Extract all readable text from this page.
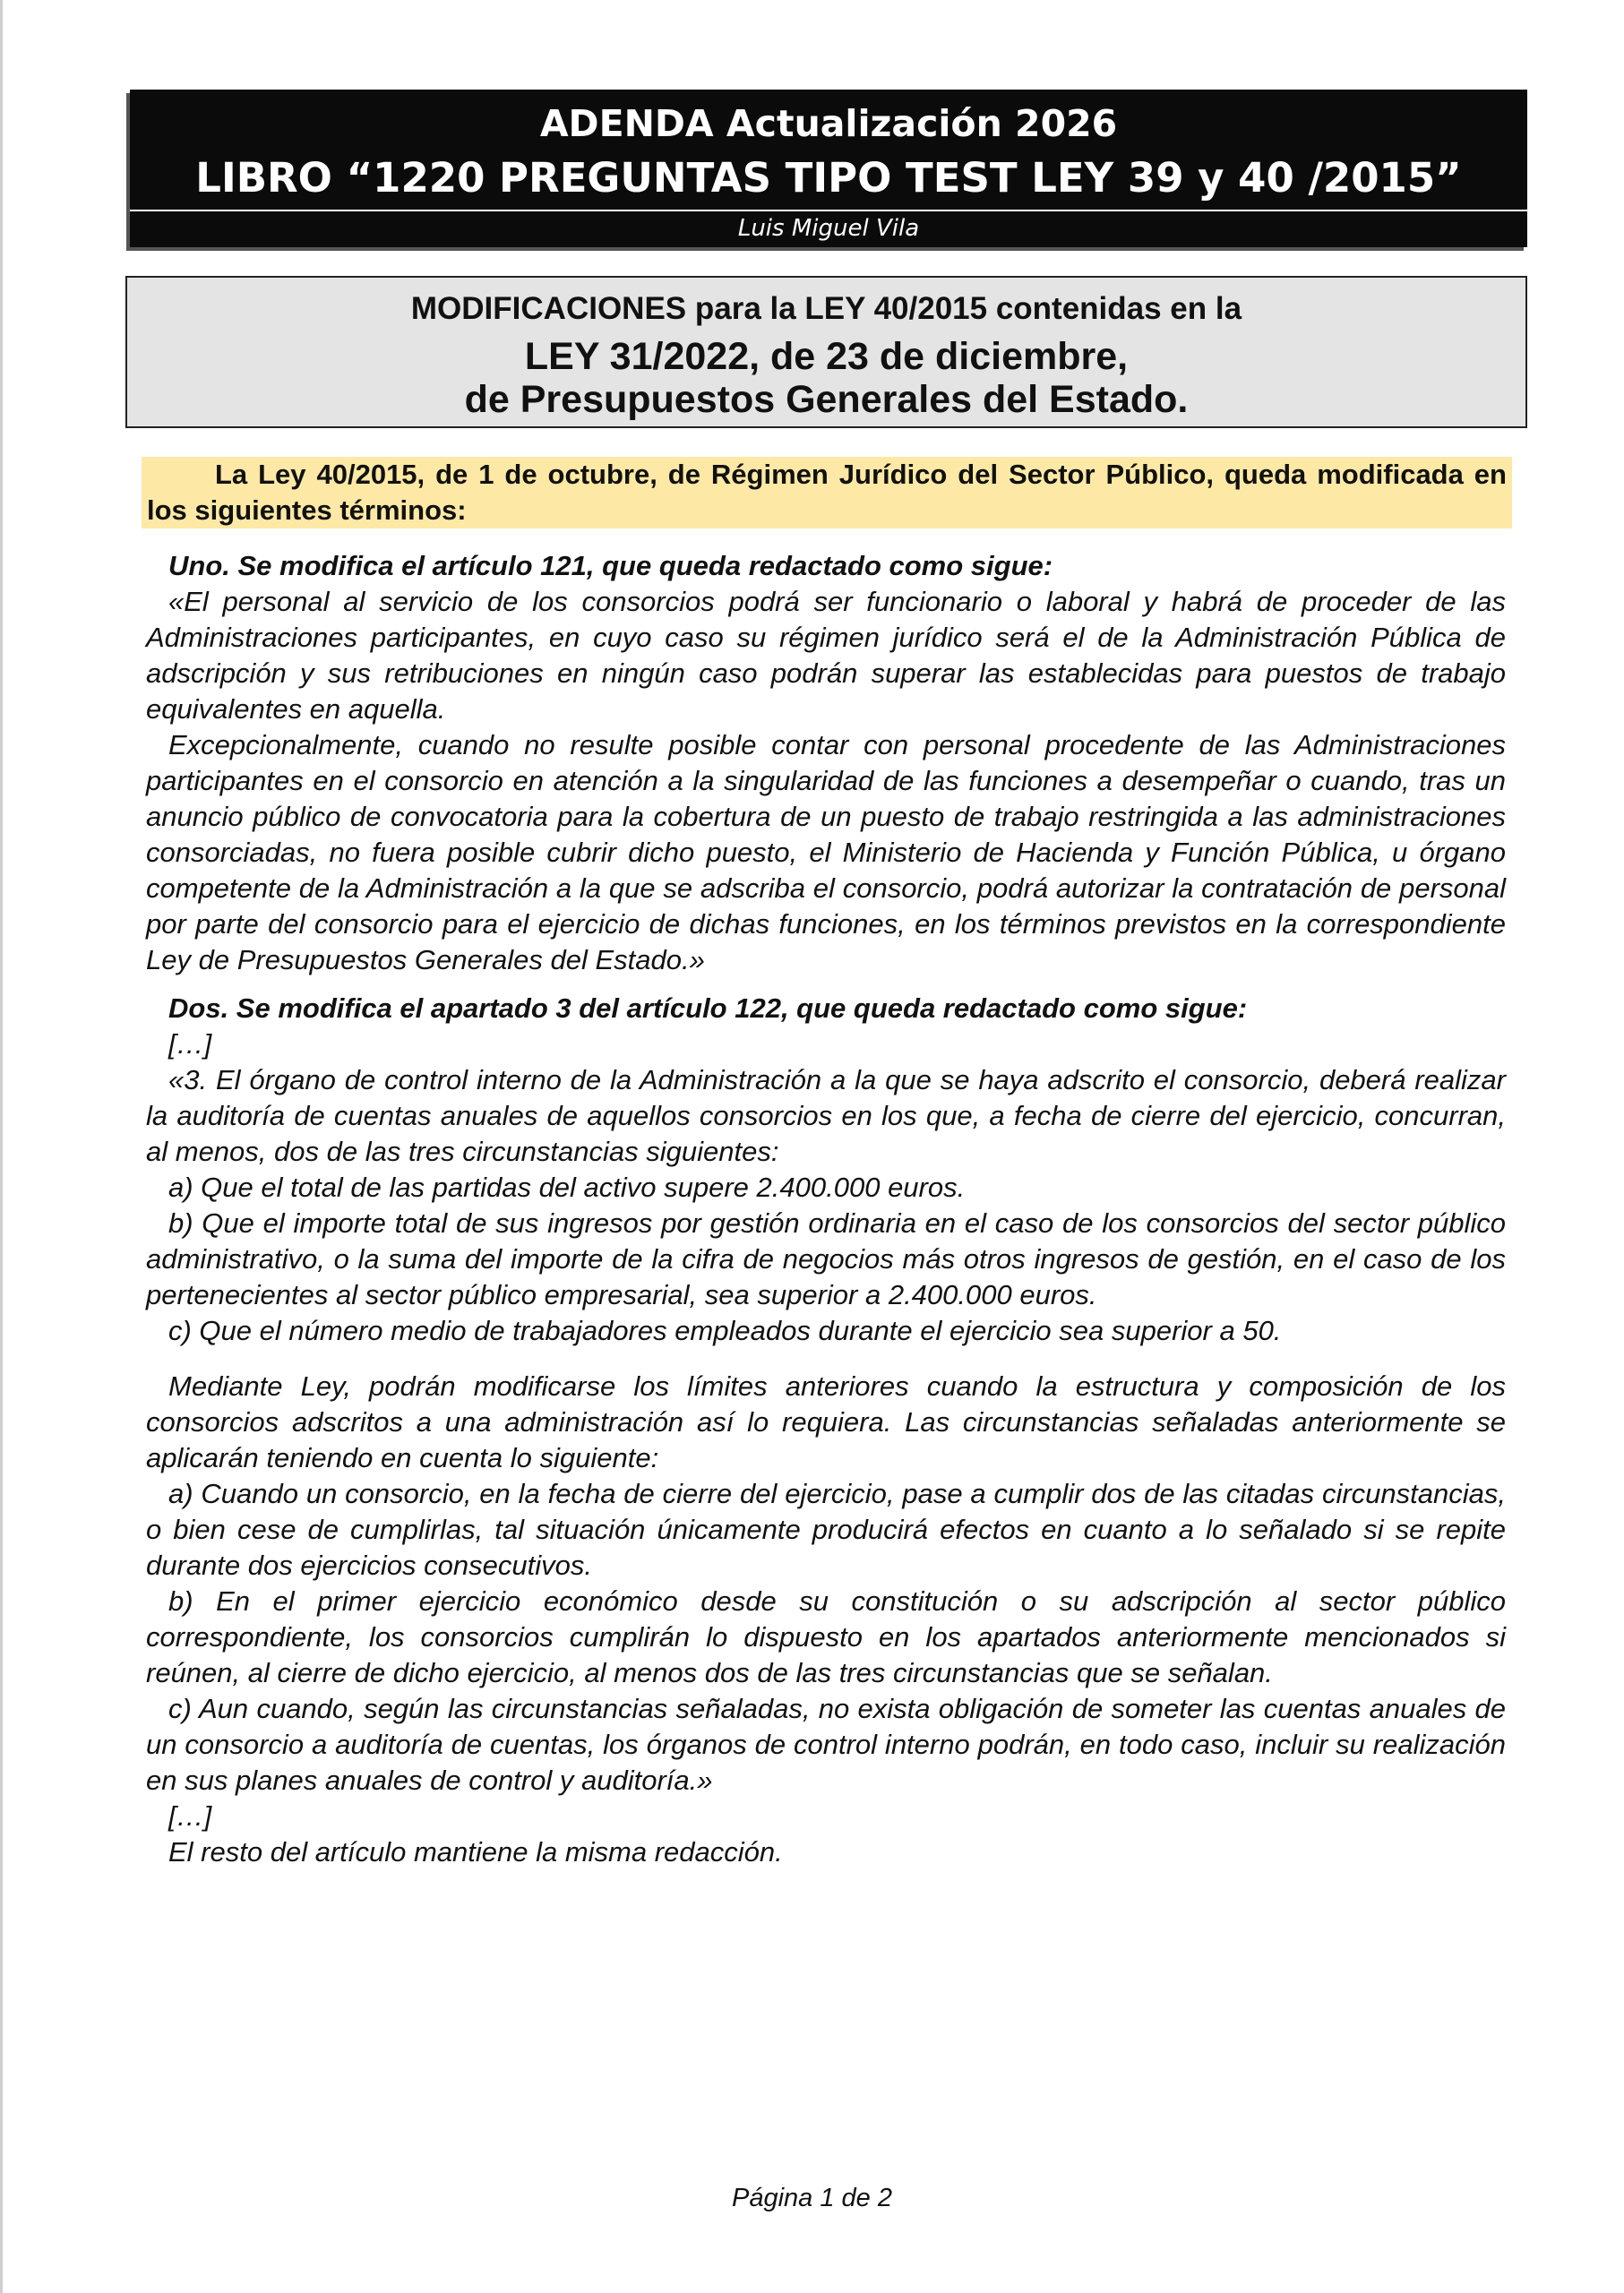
ADENDA Actualización 2026
LIBRO “1220 PREGUNTAS TIPO TEST LEY 39 y 40 /2015”
Luis Miguel Vila
MODIFICACIONES para la LEY 40/2015 contenidas en la
LEY 31/2022, de 23 de diciembre,
de Presupuestos Generales del Estado.
La Ley 40/2015, de 1 de octubre, de Régimen Jurídico del Sector Público, queda modificada en los siguientes términos:

Uno. Se modifica el artículo 121, que queda redactado como sigue:

«El personal al servicio de los consorcios podrá ser funcionario o laboral y habrá de proceder de las Administraciones participantes, en cuyo caso su régimen jurídico será el de la Administración Pública de adscripción y sus retribuciones en ningún caso podrán superar las establecidas para puestos de trabajo equivalentes en aquella.

Excepcionalmente, cuando no resulte posible contar con personal procedente de las Administraciones participantes en el consorcio en atención a la singularidad de las funciones a desempeñar o cuando, tras un anuncio público de convocatoria para la cobertura de un puesto de trabajo restringida a las administraciones consorciadas, no fuera posible cubrir dicho puesto, el Ministerio de Hacienda y Función Pública, u órgano competente de la Administración a la que se adscriba el consorcio, podrá autorizar la contratación de personal por parte del consorcio para el ejercicio de dichas funciones, en los términos previstos en la correspondiente Ley de Presupuestos Generales del Estado.»

Dos. Se modifica el apartado 3 del artículo 122, que queda redactado como sigue:

[…]

«3. El órgano de control interno de la Administración a la que se haya adscrito el consorcio, deberá realizar la auditoría de cuentas anuales de aquellos consorcios en los que, a fecha de cierre del ejercicio, concurran, al menos, dos de las tres circunstancias siguientes:

a) Que el total de las partidas del activo supere 2.400.000 euros.

b) Que el importe total de sus ingresos por gestión ordinaria en el caso de los consorcios del sector público administrativo, o la suma del importe de la cifra de negocios más otros ingresos de gestión, en el caso de los pertenecientes al sector público empresarial, sea superior a 2.400.000 euros.

c) Que el número medio de trabajadores empleados durante el ejercicio sea superior a 50.

Mediante Ley, podrán modificarse los límites anteriores cuando la estructura y composición de los consorcios adscritos a una administración así lo requiera. Las circunstancias señaladas anteriormente se aplicarán teniendo en cuenta lo siguiente:

a) Cuando un consorcio, en la fecha de cierre del ejercicio, pase a cumplir dos de las citadas circunstancias, o bien cese de cumplirlas, tal situación únicamente producirá efectos en cuanto a lo señalado si se repite durante dos ejercicios consecutivos.

b) En el primer ejercicio económico desde su constitución o su adscripción al sector público correspondiente, los consorcios cumplirán lo dispuesto en los apartados anteriormente mencionados si reúnen, al cierre de dicho ejercicio, al menos dos de las tres circunstancias que se señalan.

c) Aun cuando, según las circunstancias señaladas, no exista obligación de someter las cuentas anuales de un consorcio a auditoría de cuentas, los órganos de control interno podrán, en todo caso, incluir su realización en sus planes anuales de control y auditoría.»

[…]

El resto del artículo mantiene la misma redacción.

Página 1 de 2
